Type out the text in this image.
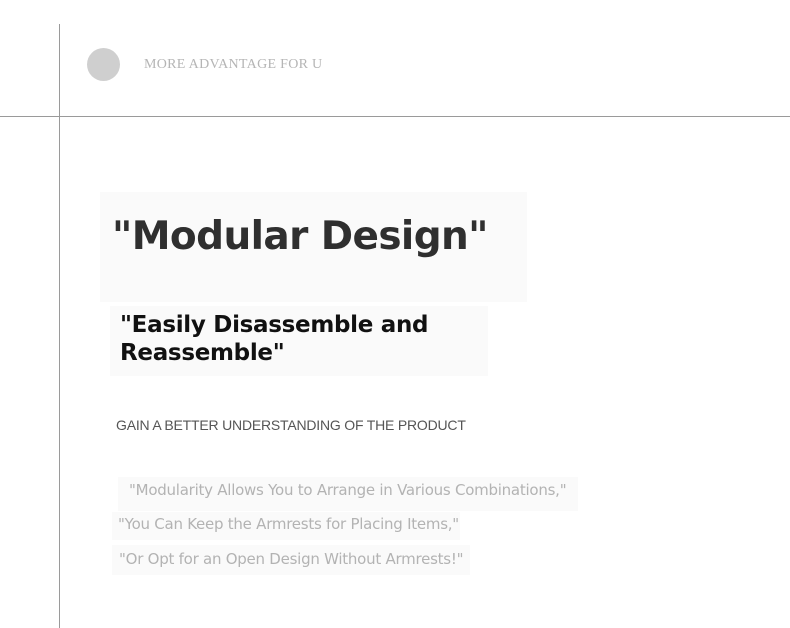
MORE ADVANTAGE FOR U
"Modular Design"
"Easily Disassemble and Reassemble"
GAIN A BETTER UNDERSTANDING OF THE PRODUCT
"Modularity Allows You to Arrange in Various Combinations,"
"You Can Keep the Armrests for Placing Items,"
"Or Opt for an Open Design Without Armrests!"
